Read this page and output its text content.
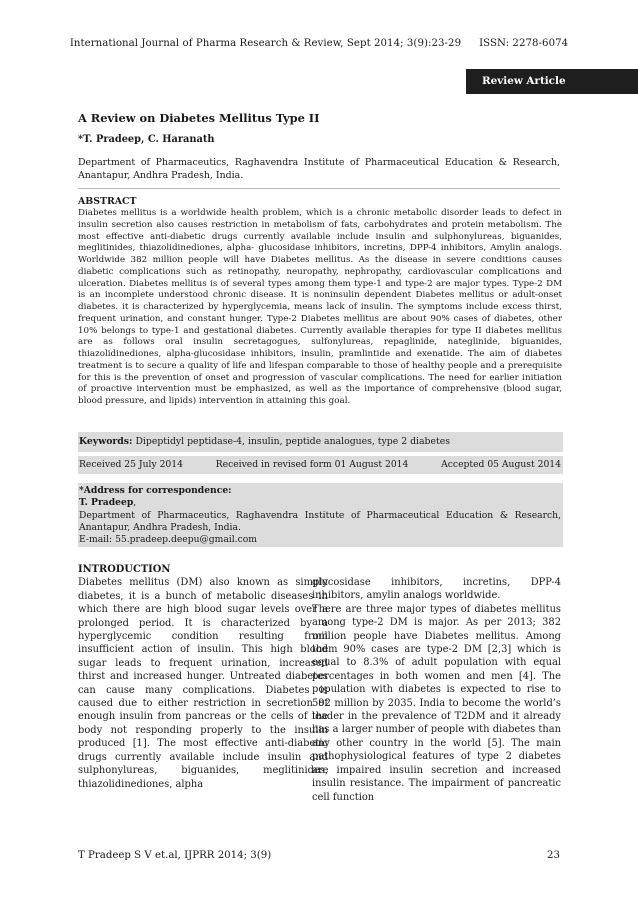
International Journal of Pharma Research & Review, Sept 2014; 3(9):23-29 ISSN: 2278-6074
Review Article
A Review on Diabetes Mellitus Type II
*T. Pradeep, C. Haranath
Department of Pharmaceutics, Raghavendra Institute of Pharmaceutical Education & Research, Anantapur, Andhra Pradesh, India.
ABSTRACT
Diabetes mellitus is a worldwide health problem, which is a chronic metabolic disorder leads to defect in insulin secretion also causes restriction in metabolism of fats, carbohydrates and protein metabolism. The most effective anti-diabetic drugs currently available include insulin and sulphonylureas, biguanides, meglitinides, thiazolidinediones, alpha- glucosidase inhibitors, incretins, DPP-4 inhibitors, Amylin analogs. Worldwide 382 million people will have Diabetes mellitus. As the disease in severe conditions causes diabetic complications such as retinopathy, neuropathy, nephropathy, cardiovascular complications and ulceration. Diabetes mellitus is of several types among them type-1 and type-2 are major types. Type-2 DM is an incomplete understood chronic disease. It is noninsulin dependent Diabetes mellitus or adult-onset diabetes. it is characterized by hyperglycemia, means lack of insulin. The symptoms include excess thirst, frequent urination, and constant hunger. Type-2 Diabetes mellitus are about 90% cases of diabetes, other 10% belongs to type-1 and gestational diabetes. Currently available therapies for type II diabetes mellitus are as follows oral insulin secretagogues, sulfonylureas, repaglinide, nateglinide, biguanides, thiazolidinediones, alpha-glucosidase inhibitors, insulin, pramlintide and exenatide. The aim of diabetes treatment is to secure a quality of life and lifespan comparable to those of healthy people and a prerequisite for this is the prevention of onset and progression of vascular complications. The need for earlier initiation of proactive intervention must be emphasized, as well as the importance of comprehensive (blood sugar, blood pressure, and lipids) intervention in attaining this goal.
Keywords: Dipeptidyl peptidase-4, insulin, peptide analogues, type 2 diabetes
Received 25 July 2014	Received in revised form 01 August 2014	Accepted 05 August 2014
*Address for correspondence:
T. Pradeep,
Department of Pharmaceutics, Raghavendra Institute of Pharmaceutical Education & Research, Anantapur, Andhra Pradesh, India.
E-mail: 55.pradeep.deepu@gmail.com
INTRODUCTION

Diabetes mellitus (DM) also known as simply diabetes, it is a bunch of metabolic diseases in which there are high blood sugar levels over a prolonged period. It is characterized by a hyperglycemic condition resulting from insufficient action of insulin. This high blood sugar leads to frequent urination, increased thirst and increased hunger. Untreated diabetes can cause many complications. Diabetes is caused due to either restriction in secretion of enough insulin from pancreas or the cells of the body not responding properly to the insulin produced [1]. The most effective anti-diabetic drugs currently available include insulin and sulphonylureas, biguanides, meglitinides, thiazolidinediones, alpha

glucosidase inhibitors, incretins, DPP-4 inhibitors, amylin analogs worldwide.

There are three major types of diabetes mellitus among type-2 DM is major. As per 2013; 382 million people have Diabetes mellitus. Among them 90% cases are type-2 DM [2,3] which is equal to 8.3% of adult population with equal percentages in both women and men [4]. The population with diabetes is expected to rise to 592 million by 2035. India to become the world’s leader in the prevalence of T2DM and it already has a larger number of people with diabetes than any other country in the world [5]. The main pathophysiological features of type 2 diabetes are impaired insulin secretion and increased insulin resistance. The impairment of pancreatic cell function

T Pradeep S V et.al, IJPRR 2014; 3(9)	23
